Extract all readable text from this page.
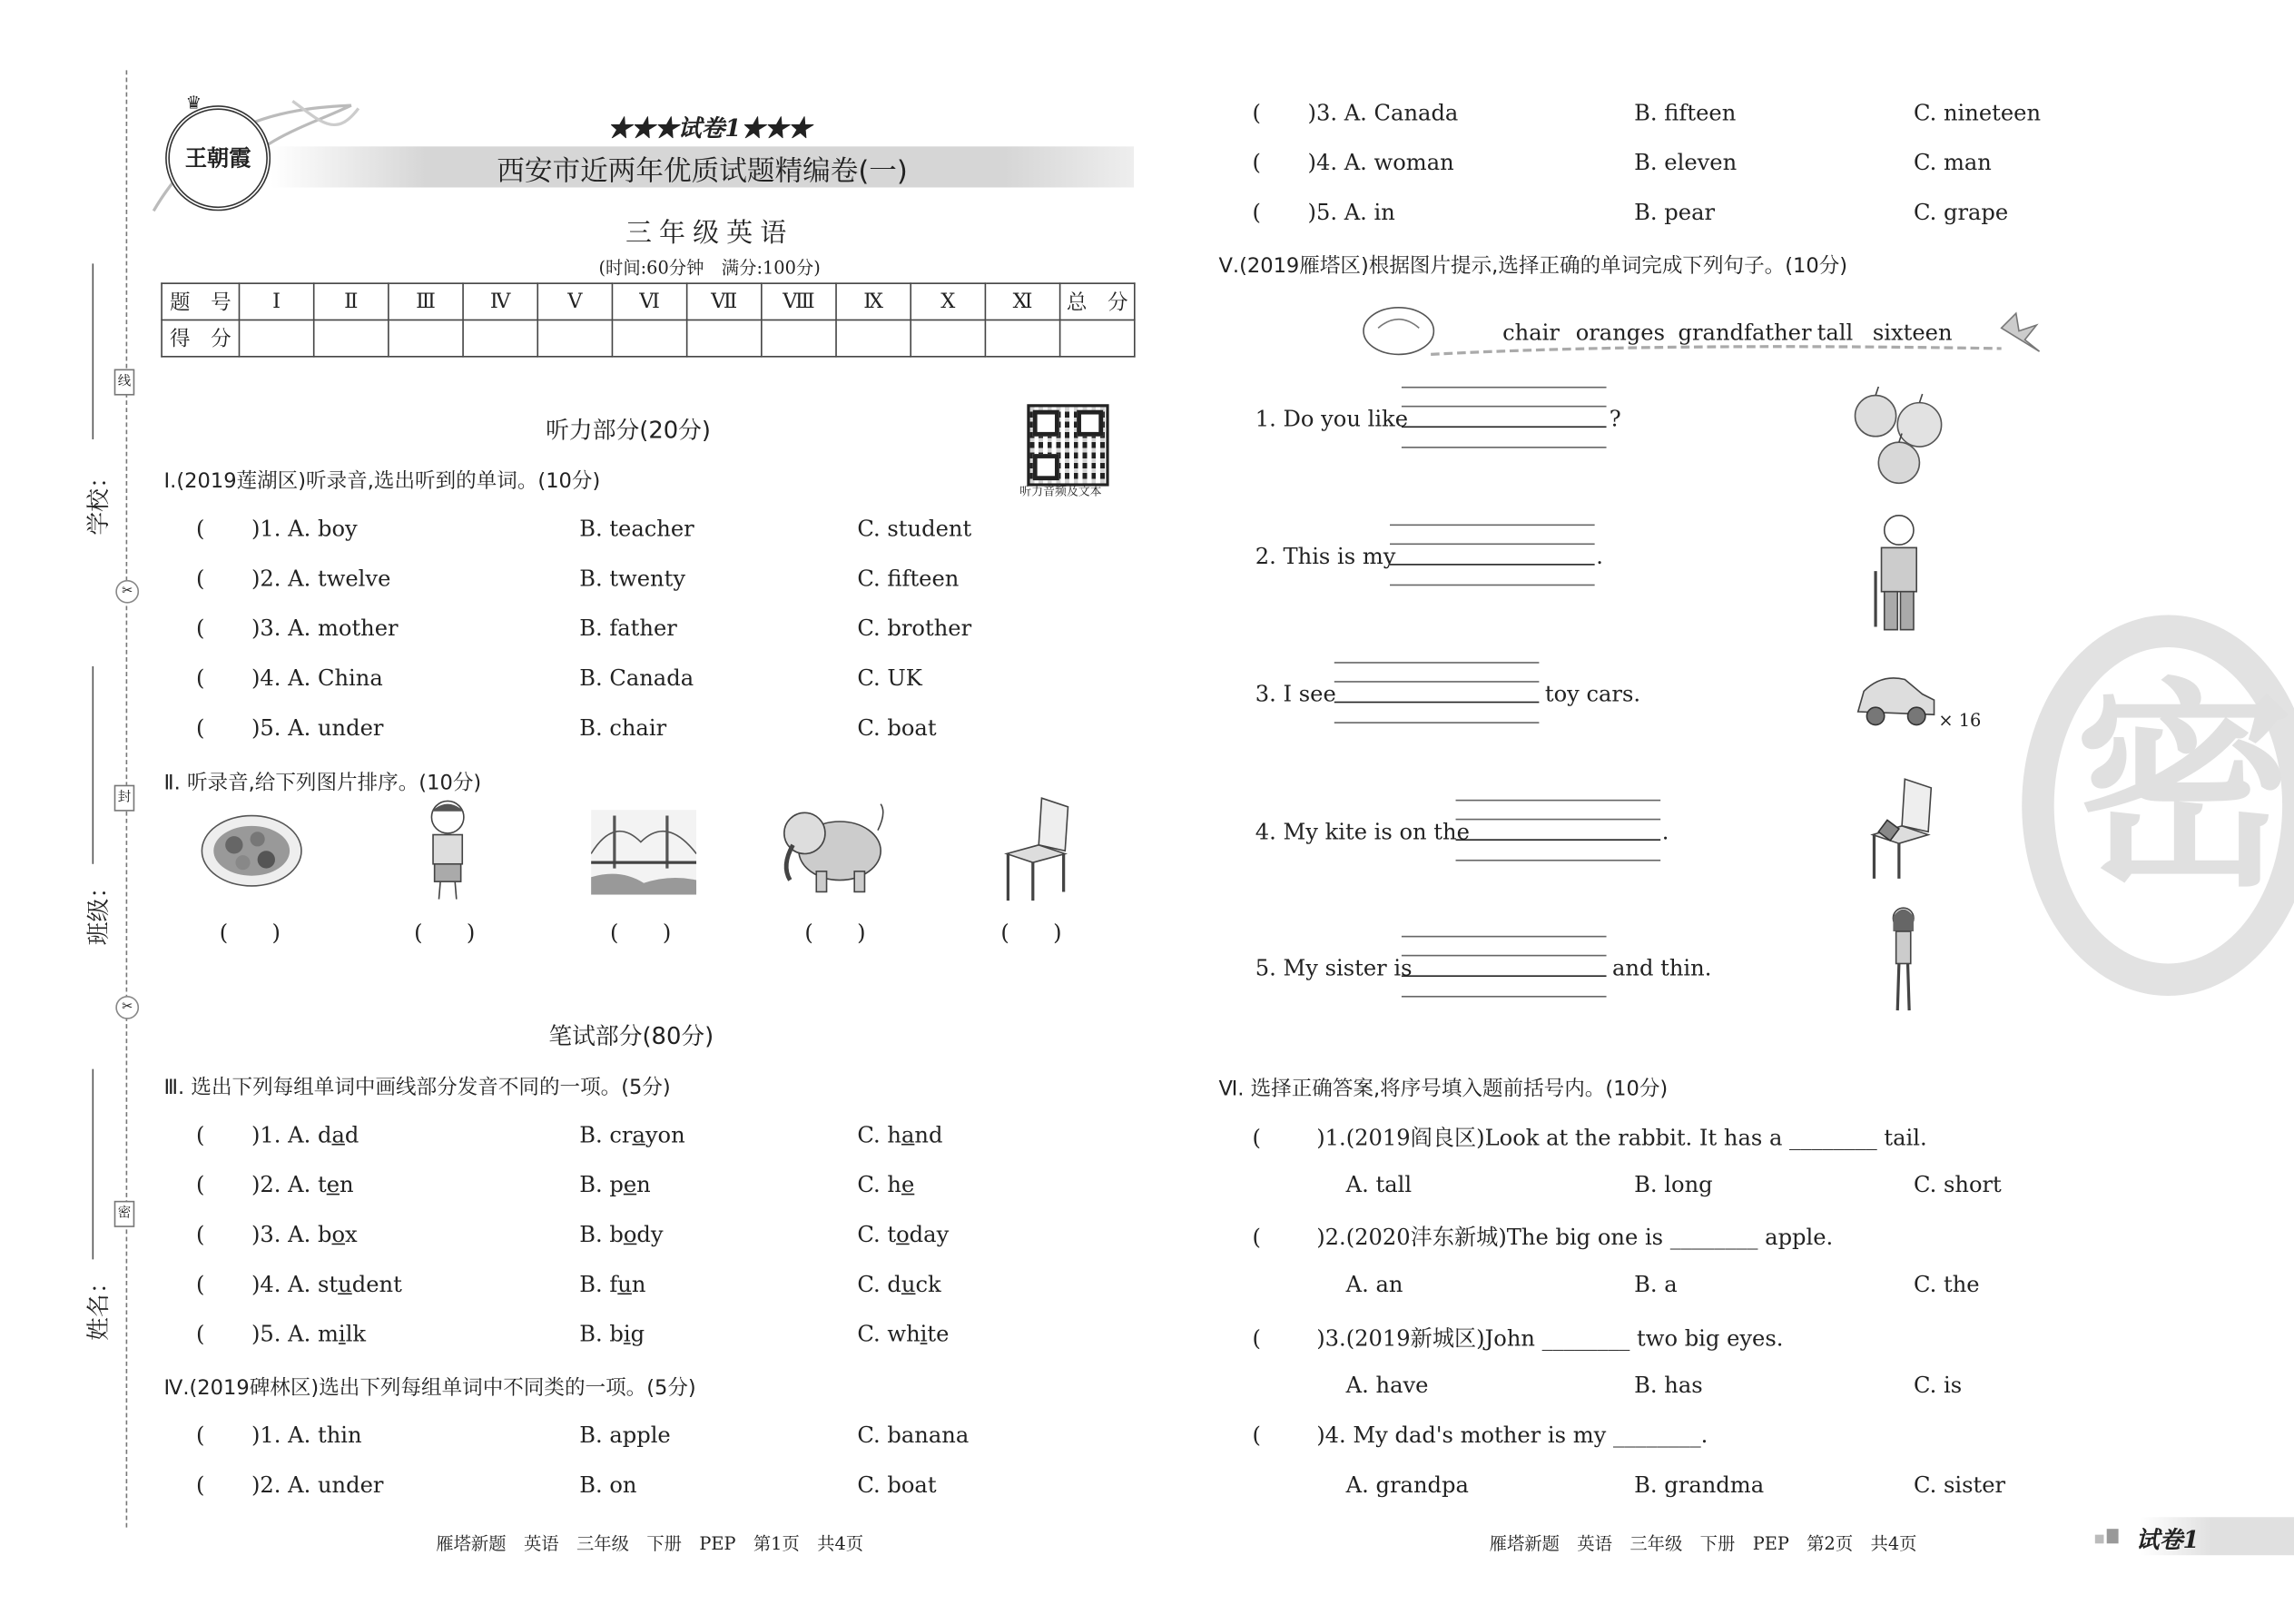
学校：
班级：
姓名：
线
✂
封
✂
密
♛
王朝霞
★★★试卷1★★★
西安市近两年优质试题精编卷(一)
三年级英语
(时间:60分钟　满分:100分)
题　号	Ⅰ	Ⅱ	Ⅲ	Ⅳ	Ⅴ	Ⅵ	Ⅶ	Ⅷ	Ⅸ	Ⅹ	Ⅺ	总　分
得　分												
听力部分(20分)
听力音频及文本
Ⅰ.(2019莲湖区)听录音,选出听到的单词。(10分)
(	)1. A. boy	B. teacher	C. student
(	)2. A. twelve	B. twenty	C. fifteen
(	)3. A. mother	B. father	C. brother
(	)4. A. China	B. Canada	C. UK
(	)5. A. under	B. chair	C. boat
Ⅱ. 听录音,给下列图片排序。(10分)
(　　)	(　　)	(　　)	(　　)	(　　)
笔试部分(80分)
Ⅲ. 选出下列每组单词中画线部分发音不同的一项。(5分)
(	)1. A. dad	B. crayon	C. hand
(	)2. A. ten	B. pen	C. he
(	)3. A. box	B. body	C. today
(	)4. A. student	B. fun	C. duck
(	)5. A. milk	B. big	C. white
Ⅳ.(2019碑林区)选出下列每组单词中不同类的一项。(5分)
(	)1. A. thin	B. apple	C. banana
(	)2. A. under	B. on	C. boat
雁塔新题　英语　三年级　下册　PEP　第1页　共4页
(	)3. A. Canada	B. fifteen	C. nineteen
(	)4. A. woman	B. eleven	C. man
(	)5. A. in	B. pear	C. grape
Ⅴ.(2019雁塔区)根据图片提示,选择正确的单词完成下列句子。(10分)
chair oranges grandfather tall sixteen
1. Do you like	?
2. This is my	.
3. I see	toy cars.
× 16
4. My kite is on the	.
5. My sister is	and thin.
Ⅵ. 选择正确答案,将序号填入题前括号内。(10分)
(	)1.(2019阎良区)Look at the rabbit. It has a ________ tail.
A. tall	B. long	C. short
(	)2.(2020沣东新城)The big one is ________ apple.
A. an	B. a	C. the
(	)3.(2019新城区)John ________ two big eyes.
A. have	B. has	C. is
(	)4. My dad's mother is my ________.
A. grandpa	B. grandma	C. sister
密
雁塔新题　英语　三年级　下册　PEP　第2页　共4页	试卷1
